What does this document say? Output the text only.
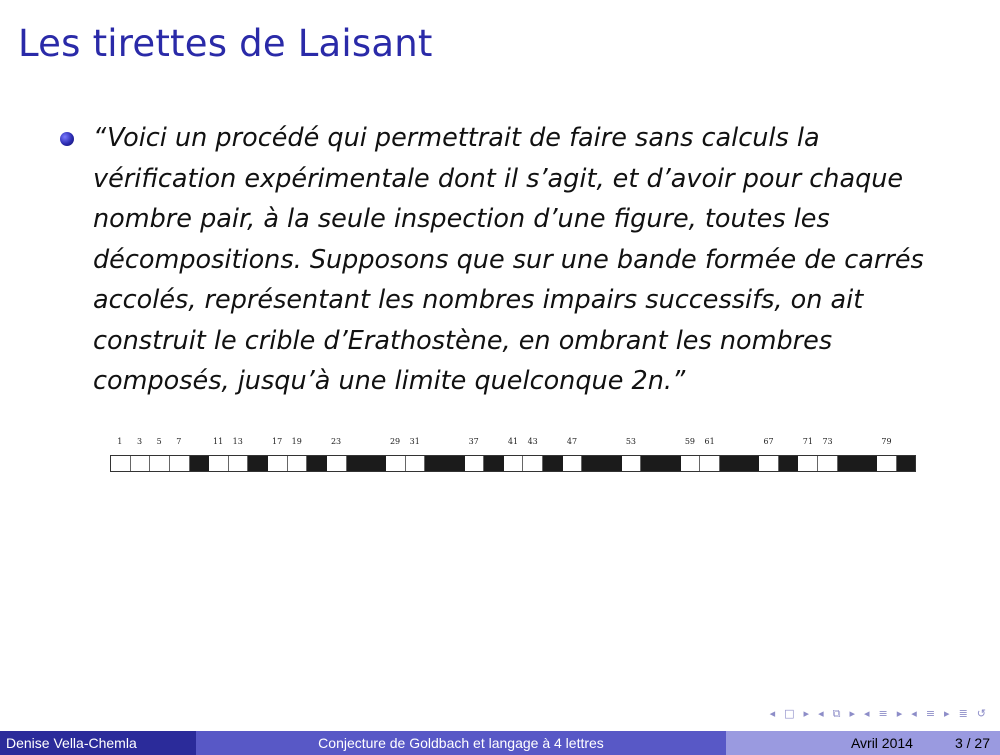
Les tirettes de Laisant
“Voici un procédé qui permettrait de faire sans calculs la
vérification expérimentale dont il s’agit, et d’avoir pour chaque
nombre pair, à la seule inspection d’une figure, toutes les
décompositions. Supposons que sur une bande formée de carrés
accolés, représentant les nombres impairs successifs, on ait
construit le crible d’Erathostène, en ombrant les nombres
composés, jusqu’à une limite quelconque 2n.”
1 3 5 7	11 13	17 19	23	29 31	37	41 43	47	53	59 61	67	71 73	79
◂ □ ▸ ◂ ⧉ ▸ ◂ ≡ ▸ ◂ ≡ ▸ ≣ ↺
Denise Vella-Chemla	Conjecture de Goldbach et langage à 4 lettres	Avril 2014	3 / 27
